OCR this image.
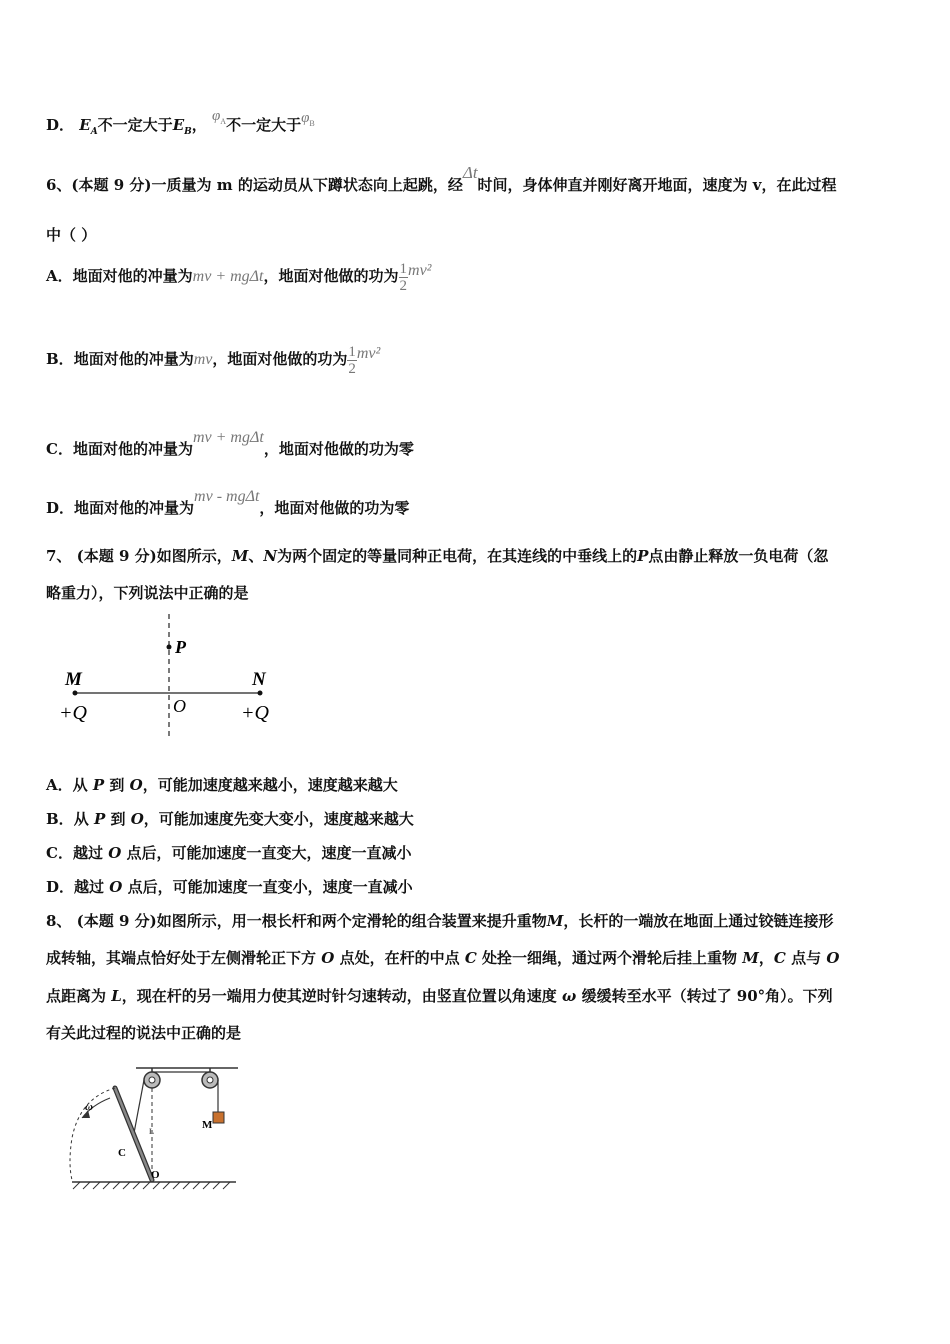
D． $E_A$不一定大于$E_B$， $\varphi_A$不一定大于$\varphi_B$
6、(本题 9 分)一质量为 m 的运动员从下蹲状态向上起跳，经Δt时间，身体伸直并刚好离开地面，速度为 v，在此过程
中（ ）
A．地面对他的冲量为mv + mgΔt，地面对他做的功为 $\frac{1}{2} mv^2$
B．地面对他的冲量为mv，地面对他做的功为 $\frac{1}{2} mv^2$
C．地面对他的冲量为mv + mgΔt，地面对他做的功为零
D．地面对他的冲量为mv - mgΔt，地面对他做的功为零
7、 (本题 9 分)如图所示，M、N为两个固定的等量同种正电荷，在其连线的中垂线上的P点由静止释放一负电荷（忽
略重力），下列说法中正确的是
P
M	N
O
+Q	+Q
A．从 P 到 O，可能加速度越来越小，速度越来越大
B．从 P 到 O，可能加速度先变大变小，速度越来越大
C．越过 O 点后，可能加速度一直变大，速度一直减小
D．越过 O 点后，可能加速度一直变小，速度一直减小
8、 (本题 9 分)如图所示，用一根长杆和两个定滑轮的组合装置来提升重物M，长杆的一端放在地面上通过铰链连接形
成转轴，其端点恰好处于左侧滑轮正下方 O 点处，在杆的中点 C 处拴一细绳，通过两个滑轮后挂上重物 M，C 点与 O
点距离为 L，现在杆的另一端用力使其逆时针匀速转动，由竖直位置以角速度 ω 缓缓转至水平（转过了 90°角）。下列
有关此过程的说法中正确的是
M
L
ω
C
O
